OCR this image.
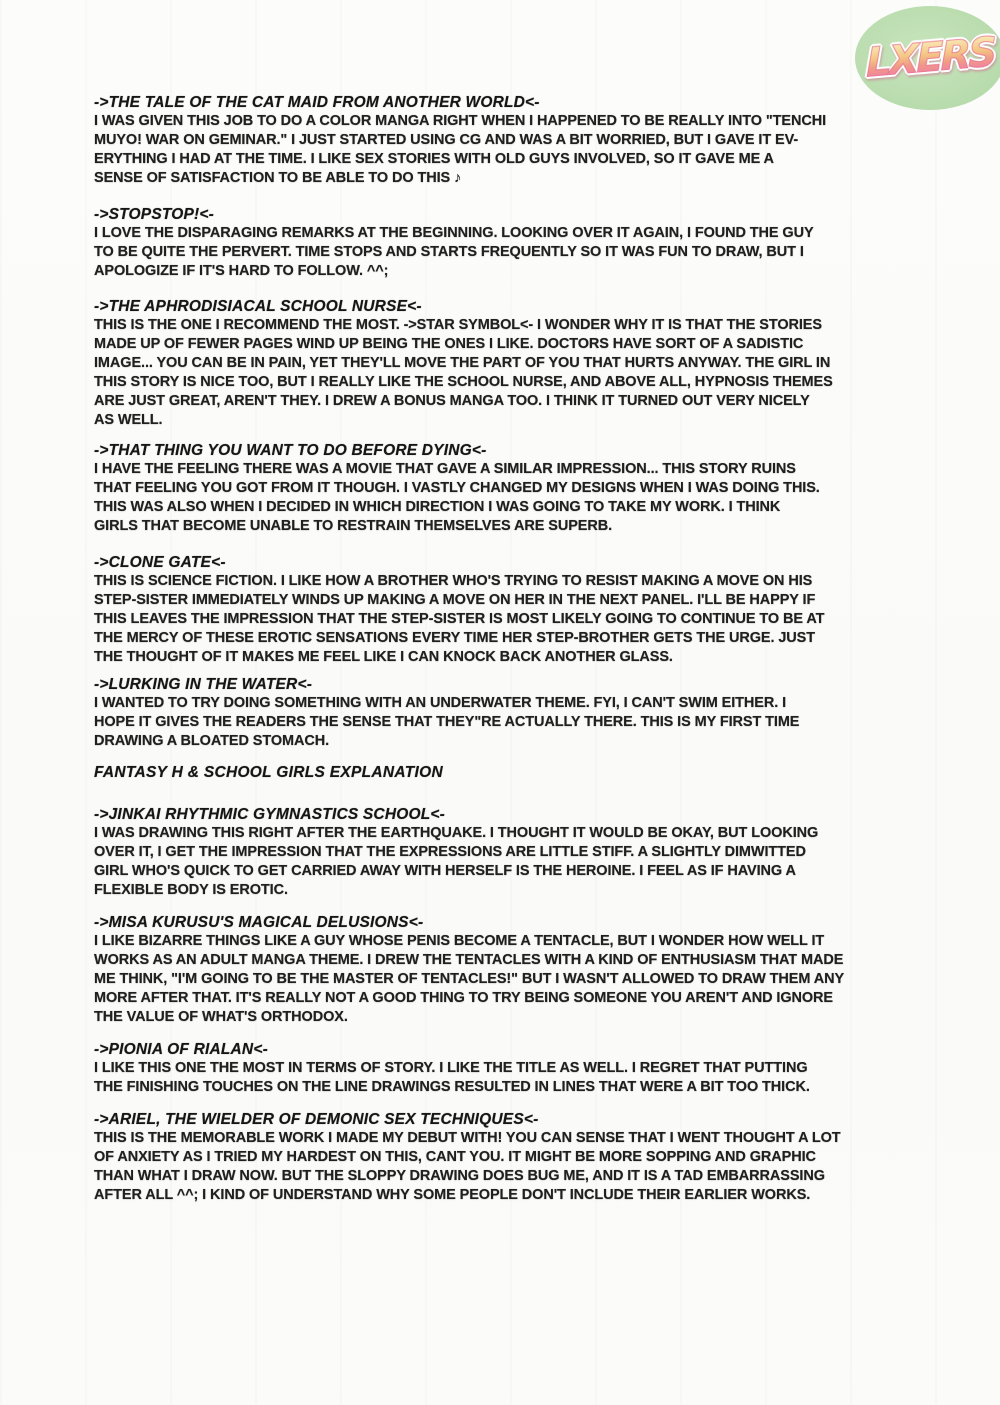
LXERS
FANTASY H & SCHOOL GIRLS EXPLANATION
->THE TALE OF THE CAT MAID FROM ANOTHER WORLD<-
I WAS GIVEN THIS JOB TO DO A COLOR MANGA RIGHT WHEN I HAPPENED TO BE REALLY INTO "TENCHI
MUYO! WAR ON GEMINAR." I JUST STARTED USING CG AND WAS A BIT WORRIED, BUT I GAVE IT EV-
ERYTHING I HAD AT THE TIME. I LIKE SEX STORIES WITH OLD GUYS INVOLVED, SO IT GAVE ME A
SENSE OF SATISFACTION TO BE ABLE TO DO THIS ♪
->STOPSTOP!<-
I LOVE THE DISPARAGING REMARKS AT THE BEGINNING. LOOKING OVER IT AGAIN, I FOUND THE GUY
TO BE QUITE THE PERVERT. TIME STOPS AND STARTS FREQUENTLY SO IT WAS FUN TO DRAW, BUT I
APOLOGIZE IF IT'S HARD TO FOLLOW. ^^;
->THE APHRODISIACAL SCHOOL NURSE<-
THIS IS THE ONE I RECOMMEND THE MOST. ->STAR SYMBOL<- I WONDER WHY IT IS THAT THE STORIES
MADE UP OF FEWER PAGES WIND UP BEING THE ONES I LIKE. DOCTORS HAVE SORT OF A SADISTIC
IMAGE... YOU CAN BE IN PAIN, YET THEY'LL MOVE THE PART OF YOU THAT HURTS ANYWAY. THE GIRL IN
THIS STORY IS NICE TOO, BUT I REALLY LIKE THE SCHOOL NURSE, AND ABOVE ALL, HYPNOSIS THEMES
ARE JUST GREAT, AREN'T THEY. I DREW A BONUS MANGA TOO. I THINK IT TURNED OUT VERY NICELY
AS WELL.
->THAT THING YOU WANT TO DO BEFORE DYING<-
I HAVE THE FEELING THERE WAS A MOVIE THAT GAVE A SIMILAR IMPRESSION... THIS STORY RUINS
THAT FEELING YOU GOT FROM IT THOUGH. I VASTLY CHANGED MY DESIGNS WHEN I WAS DOING THIS.
THIS WAS ALSO WHEN I DECIDED IN WHICH DIRECTION I WAS GOING TO TAKE MY WORK. I THINK
GIRLS THAT BECOME UNABLE TO RESTRAIN THEMSELVES ARE SUPERB.
->CLONE GATE<-
THIS IS SCIENCE FICTION. I LIKE HOW A BROTHER WHO'S TRYING TO RESIST MAKING A MOVE ON HIS
STEP-SISTER IMMEDIATELY WINDS UP MAKING A MOVE ON HER IN THE NEXT PANEL. I'LL BE HAPPY IF
THIS LEAVES THE IMPRESSION THAT THE STEP-SISTER IS MOST LIKELY GOING TO CONTINUE TO BE AT
THE MERCY OF THESE EROTIC SENSATIONS EVERY TIME HER STEP-BROTHER GETS THE URGE. JUST
THE THOUGHT OF IT MAKES ME FEEL LIKE I CAN KNOCK BACK ANOTHER GLASS.
->LURKING IN THE WATER<-
I WANTED TO TRY DOING SOMETHING WITH AN UNDERWATER THEME. FYI, I CAN'T SWIM EITHER. I
HOPE IT GIVES THE READERS THE SENSE THAT THEY"RE ACTUALLY THERE. THIS IS MY FIRST TIME
DRAWING A BLOATED STOMACH.
->JINKAI RHYTHMIC GYMNASTICS SCHOOL<-
I WAS DRAWING THIS RIGHT AFTER THE EARTHQUAKE. I THOUGHT IT WOULD BE OKAY, BUT LOOKING
OVER IT, I GET THE IMPRESSION THAT THE EXPRESSIONS ARE LITTLE STIFF. A SLIGHTLY DIMWITTED
GIRL WHO'S QUICK TO GET CARRIED AWAY WITH HERSELF IS THE HEROINE. I FEEL AS IF HAVING A
FLEXIBLE BODY IS EROTIC.
->MISA KURUSU'S MAGICAL DELUSIONS<-
I LIKE BIZARRE THINGS LIKE A GUY WHOSE PENIS BECOME A TENTACLE, BUT I WONDER HOW WELL IT
WORKS AS AN ADULT MANGA THEME. I DREW THE TENTACLES WITH A KIND OF ENTHUSIASM THAT MADE
ME THINK, "I'M GOING TO BE THE MASTER OF TENTACLES!" BUT I WASN'T ALLOWED TO DRAW THEM ANY
MORE AFTER THAT. IT'S REALLY NOT A GOOD THING TO TRY BEING SOMEONE YOU AREN'T AND IGNORE
THE VALUE OF WHAT'S ORTHODOX.
->PIONIA OF RIALAN<-
I LIKE THIS ONE THE MOST IN TERMS OF STORY. I LIKE THE TITLE AS WELL. I REGRET THAT PUTTING
THE FINISHING TOUCHES ON THE LINE DRAWINGS RESULTED IN LINES THAT WERE A BIT TOO THICK.
->ARIEL, THE WIELDER OF DEMONIC SEX TECHNIQUES<-
THIS IS THE MEMORABLE WORK I MADE MY DEBUT WITH! YOU CAN SENSE THAT I WENT THOUGHT A LOT
OF ANXIETY AS I TRIED MY HARDEST ON THIS, CANT YOU. IT MIGHT BE MORE SOPPING AND GRAPHIC
THAN WHAT I DRAW NOW. BUT THE SLOPPY DRAWING DOES BUG ME, AND IT IS A TAD EMBARRASSING
AFTER ALL ^^; I KIND OF UNDERSTAND WHY SOME PEOPLE DON'T INCLUDE THEIR EARLIER WORKS.
